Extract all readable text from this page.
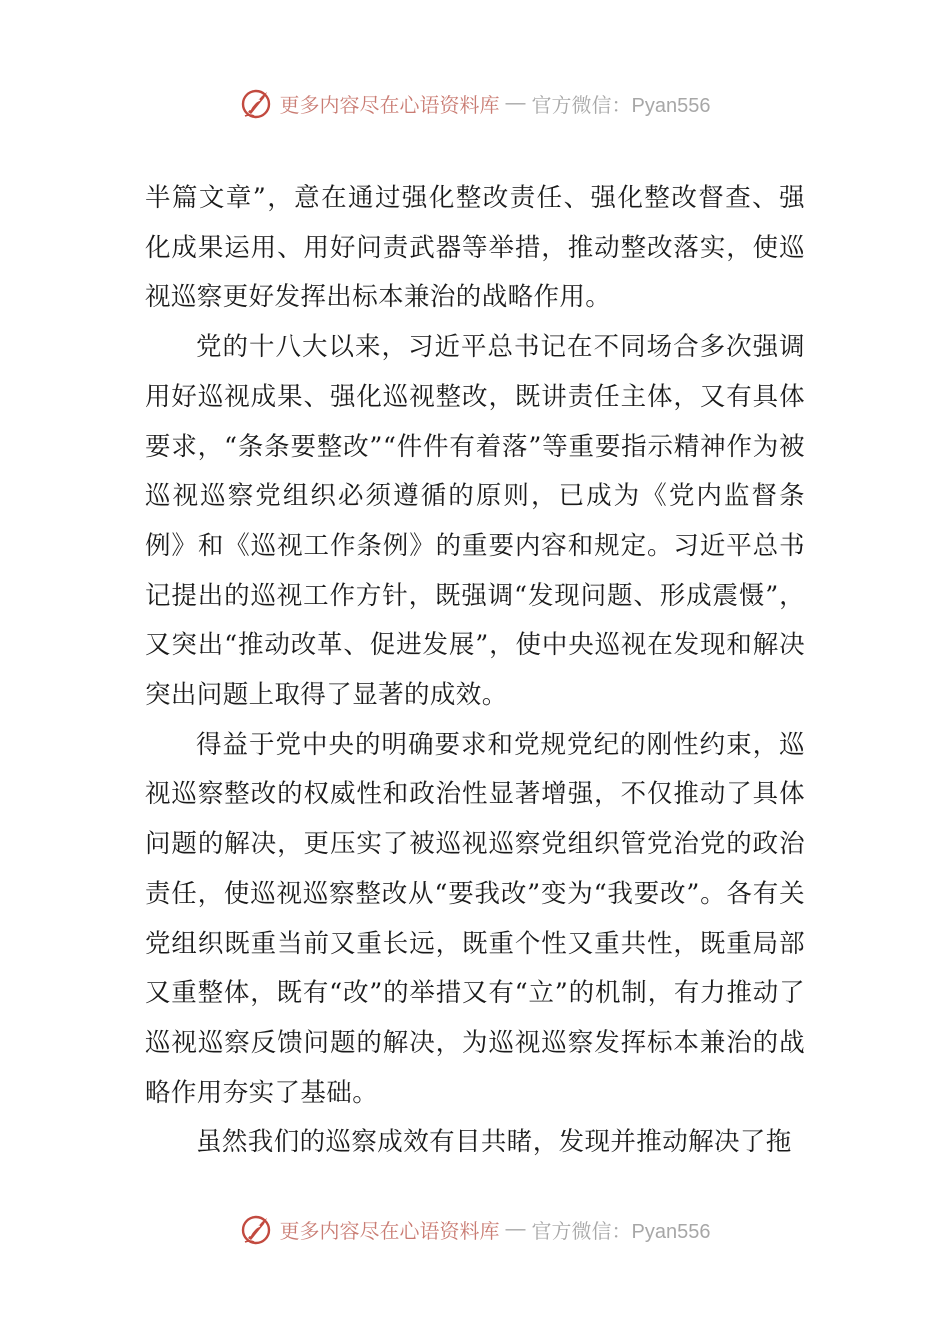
更多内容尽在心语资料库 — 官方微信：Pyan556

半篇文章”，意在通过强化整改责任、强化整改督查、强化成果运用、用好问责武器等举措，推动整改落实，使巡视巡察更好发挥出标本兼治的战略作用。

党的十八大以来，习近平总书记在不同场合多次强调用好巡视成果、强化巡视整改，既讲责任主体，又有具体要求，“条条要整改”“件件有着落”等重要指示精神作为被巡视巡察党组织必须遵循的原则，已成为《党内监督条例》和《巡视工作条例》的重要内容和规定。习近平总书记提出的巡视工作方针，既强调“发现问题、形成震慑”，又突出“推动改革、促进发展”，使中央巡视在发现和解决突出问题上取得了显著的成效。

得益于党中央的明确要求和党规党纪的刚性约束，巡视巡察整改的权威性和政治性显著增强，不仅推动了具体问题的解决，更压实了被巡视巡察党组织管党治党的政治责任，使巡视巡察整改从“要我改”变为“我要改”。各有关党组织既重当前又重长远，既重个性又重共性，既重局部又重整体，既有“改”的举措又有“立”的机制，有力推动了巡视巡察反馈问题的解决，为巡视巡察发挥标本兼治的战略作用夯实了基础。

虽然我们的巡察成效有目共睹，发现并推动解决了拖

更多内容尽在心语资料库 — 官方微信：Pyan556
